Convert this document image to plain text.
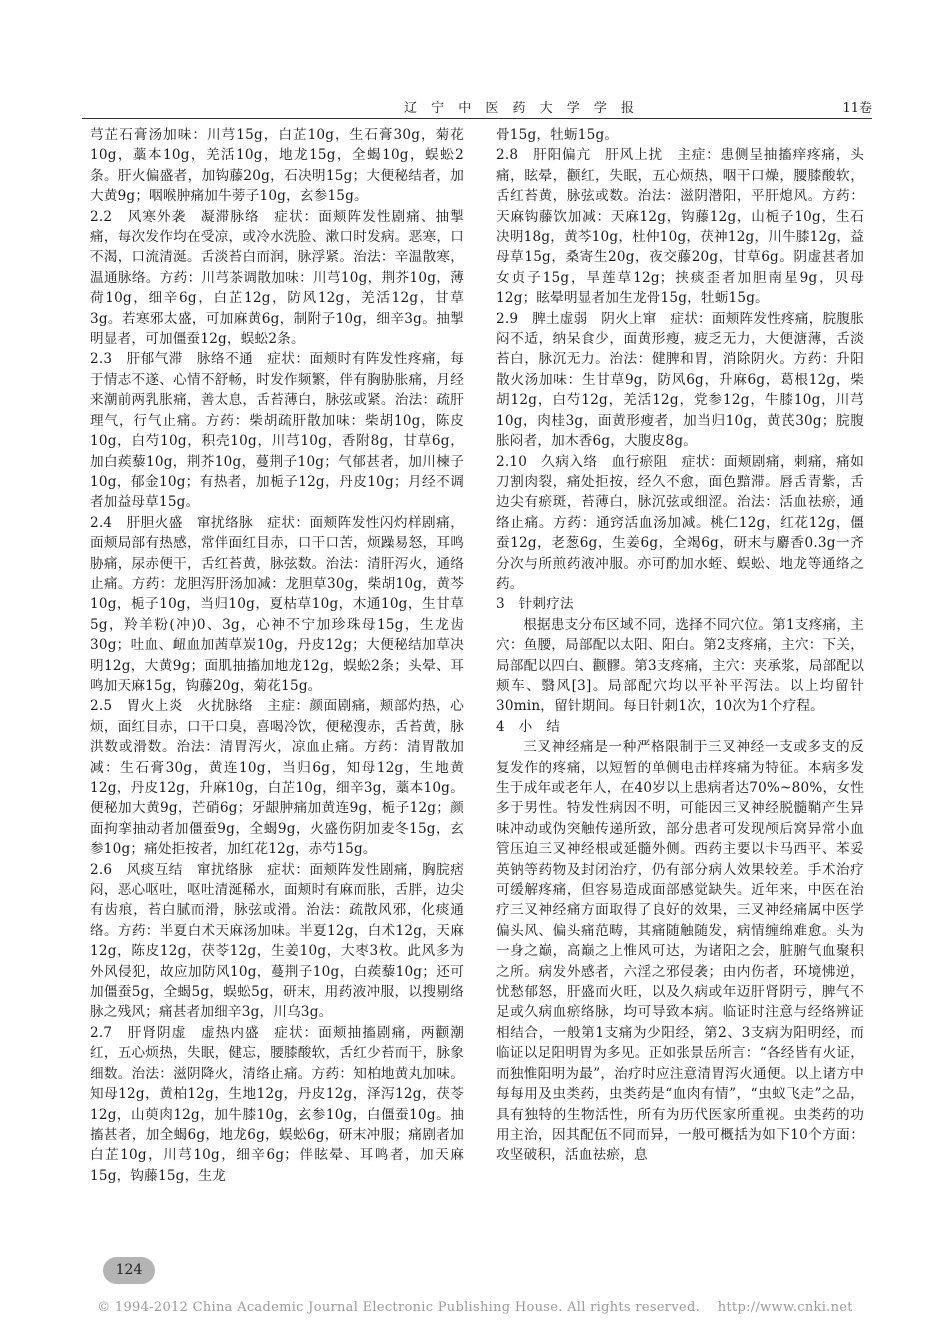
辽 宁 中 医 药 大 学 学 报	11卷

芎芷石膏汤加味：川芎15g，白芷10g，生石膏30g，菊花10g，藁本10g，羌活10g，地龙15g，全蝎10g，蜈蚣2条。肝火偏盛者，加钩藤20g，石决明15g；大便秘结者，加大黄9g；咽喉肿痛加牛蒡子10g，玄参15g。

2.2　风寒外袭　凝滞脉络　症状：面颊阵发性剧痛、抽掣痛，每次发作均在受凉，或冷水洗脸、漱口时发病。恶寒，口不渴，口流清涎。舌淡苔白而润，脉浮紧。治法：辛温散寒，温通脉络。方药：川芎茶调散加味：川芎10g，荆芥10g，薄荷10g，细辛6g，白芷12g，防风12g，羌活12g，甘草3g。若寒邪太盛，可加麻黄6g，制附子10g，细辛3g。抽掣明显者，可加僵蚕12g，蜈蚣2条。

2.3　肝郁气滞　脉络不通　症状：面颊时有阵发性疼痛，每于情志不遂、心情不舒畅，时发作频繁，伴有胸胁胀痛，月经来潮前两乳胀痛，善太息，舌苔薄白，脉弦或紧。治法：疏肝理气，行气止痛。方药：柴胡疏肝散加味：柴胡10g，陈皮10g，白芍10g，积壳10g，川芎10g，香附8g，甘草6g，加白蒺藜10g，荆芥10g，蔓荆子10g；气郁甚者，加川楝子10g，郁金10g；有热者，加栀子12g，丹皮10g；月经不调者加益母草15g。

2.4　肝胆火盛　窜扰络脉　症状：面颊阵发性闪灼样剧痛，面颊局部有热感，常伴面红目赤，口干口苦，烦躁易怒，耳鸣胁痛，尿赤便干，舌红苔黄，脉弦数。治法：清肝泻火，通络止痛。方药：龙胆泻肝汤加减：龙胆草30g，柴胡10g，黄芩10g，栀子10g，当归10g，夏枯草10g，木通10g，生甘草5g，羚羊粉(冲)0、3g，心神不宁加珍珠母15g，生龙齿30g；吐血、衄血加茜草炭10g，丹皮12g；大便秘结加草决明12g，大黄9g；面肌抽搐加地龙12g，蜈蚣2条；头晕、耳鸣加天麻15g，钩藤20g，菊花15g。

2.5　胃火上炎　火扰脉络　主症：颜面剧痛，颊部灼热，心烦，面红目赤，口干口臭，喜喝冷饮，便秘溲赤，舌苔黄，脉洪数或滑数。治法：清胃泻火，凉血止痛。方药：清胃散加减：生石膏30g，黄连10g，当归6g，知母12g，生地黄12g，丹皮12g，升麻10g，白芷10g，细辛3g，藁本10g。便秘加大黄9g，芒硝6g；牙龈肿痛加黄连9g，栀子12g；颜面拘挛抽动者加僵蚕9g，全蝎9g，火盛伤阴加麦冬15g，玄参10g；痛处拒按者，加红花12g，赤芍15g。

2.6　风痰互结　窜扰络脉　症状：面颊阵发性剧痛，胸脘痞闷，恶心呕吐，呕吐清涎稀水，面颊时有麻而胀，舌胖，边尖有齿痕，苔白腻而滑，脉弦或滑。治法：疏散风邪，化痰通络。方药：半夏白术天麻汤加味。半夏12g，白术12g，天麻12g，陈皮12g，茯苓12g，生姜10g，大枣3枚。此风多为外风侵犯，故应加防风10g，蔓荆子10g，白蒺藜10g；还可加僵蚕5g，全蝎5g，蜈蚣5g，研末，用药液冲服，以搜剔络脉之残风；痛甚者加细辛3g，川乌3g。

2.7　肝肾阴虚　虚热内盛　症状：面颊抽搐剧痛，两颧潮红，五心烦热，失眠，健忘，腰膝酸软，舌红少苔而干，脉象细数。治法：滋阴降火，清络止痛。方药：知柏地黄丸加味。知母12g，黄柏12g，生地12g，丹皮12g，泽泻12g，茯苓12g，山萸肉12g，加牛膝10g，玄参10g，白僵蚕10g。抽搐甚者，加全蝎6g，地龙6g，蜈蚣6g，研末冲服；痛剧者加白芷10g，川芎10g，细辛6g；伴眩晕、耳鸣者，加天麻15g，钩藤15g，生龙

骨15g，牡蛎15g。

2.8　肝阳偏亢　肝风上扰　主症：患侧呈抽搐痒疼痛，头痛，眩晕，颧红，失眠，五心烦热，咽干口燥，腰膝酸软，舌红苔黄，脉弦或数。治法：滋阴潜阳，平肝熄风。方药：天麻钩藤饮加减：天麻12g，钩藤12g，山栀子10g，生石决明18g，黄芩10g，杜仲10g，茯神12g，川牛膝12g，益母草15g，桑寄生20g，夜交藤20g，甘草6g。阴虚甚者加女贞子15g，旱莲草12g；挟痰歪者加胆南星9g，贝母12g；眩晕明显者加生龙骨15g，牡蛎15g。

2.9　脾土虚弱　阴火上窜　症状：面颊阵发性疼痛，脘腹胀闷不适，纳呆食少，面黄形瘦，疲乏无力，大便溏薄，舌淡苔白，脉沉无力。治法：健脾和胃，消除阴火。方药：升阳散火汤加味：生甘草9g，防风6g，升麻6g，葛根12g，柴胡12g，白芍12g，羌活12g，党参12g，牛膝10g，川芎10g，肉桂3g，面黄形瘦者，加当归10g，黄芪30g；脘腹胀闷者，加木香6g，大腹皮8g。

2.10　久病入络　血行瘀阻　症状：面颊剧痛，刺痛，痛如刀割肉裂，痛处拒按，经久不愈，面色黯滞。唇舌青紫，舌边尖有瘀斑，苔薄白，脉沉弦或细涩。治法：活血祛瘀，通络止痛。方药：通窍活血汤加减。桃仁12g，红花12g，僵蚕12g，老葱6g，生姜6g，全竭6g，研末与麝香0.3g一齐分次与所煎药液冲服。亦可酌加水蛭、蜈蚣、地龙等通络之药。

3　针刺疗法

根据患支分布区域不同，选择不同穴位。第1支疼痛，主穴：鱼腰，局部配以太阳、阳白。第2支疼痛，主穴：下关，局部配以四白、颧髎。第3支疼痛，主穴：夹承浆，局部配以颊车、翳风[3]。局部配穴均以平补平泻法。以上均留针30min，留针期间。每日针刺1次，10次为1个疗程。

4　小　结

三叉神经痛是一种严格限制于三叉神经一支或多支的反复发作的疼痛，以短暂的单侧电击样疼痛为特征。本病多发生于成年或老年人，在40岁以上患病者达70%~80%，女性多于男性。特发性病因不明，可能因三叉神经脱髓鞘产生异味冲动或伪突触传递所致，部分患者可发现颅后窝异常小血管压迫三叉神经根或延髓外侧。西药主要以卡马西平、苯妥英钠等药物及封闭治疗，仍有部分病人效果较差。手术治疗可缓解疼痛，但容易造成面部感觉缺失。近年来，中医在治疗三叉神经痛方面取得了良好的效果，三叉神经痛属中医学偏头风、偏头痛范畴，其痛随触随发，病情缠绵难愈。头为一身之巅，高巅之上惟风可达，为诸阳之会，脏腑气血聚积之所。病发外感者，六淫之邪侵袭；由内伤者，环境怫逆，忧愁郁怒，肝盛而火旺，以及久病或年迈肝肾阴亏，脾气不足或久病血瘀络脉，均可导致本病。临证时注意与经络辨证相结合，一般第1支痛为少阳经，第2、3支病为阳明经，而临证以足阳明胃为多见。正如张景岳所言：“各经皆有火证，而独惟阳明为最”，治疗时应注意清胃泻火通便。以上诸方中每每用及虫类药，虫类药是“血肉有情”，“虫蚁飞走”之品，具有独特的生物活性，所有为历代医家所重视。虫类药的功用主治，因其配伍不同而异，一般可概括为如下10个方面：攻坚破积，活血祛瘀，息

124
© 1994-2012 China Academic Journal Electronic Publishing House. All rights reserved.　 http://www.cnki.net
